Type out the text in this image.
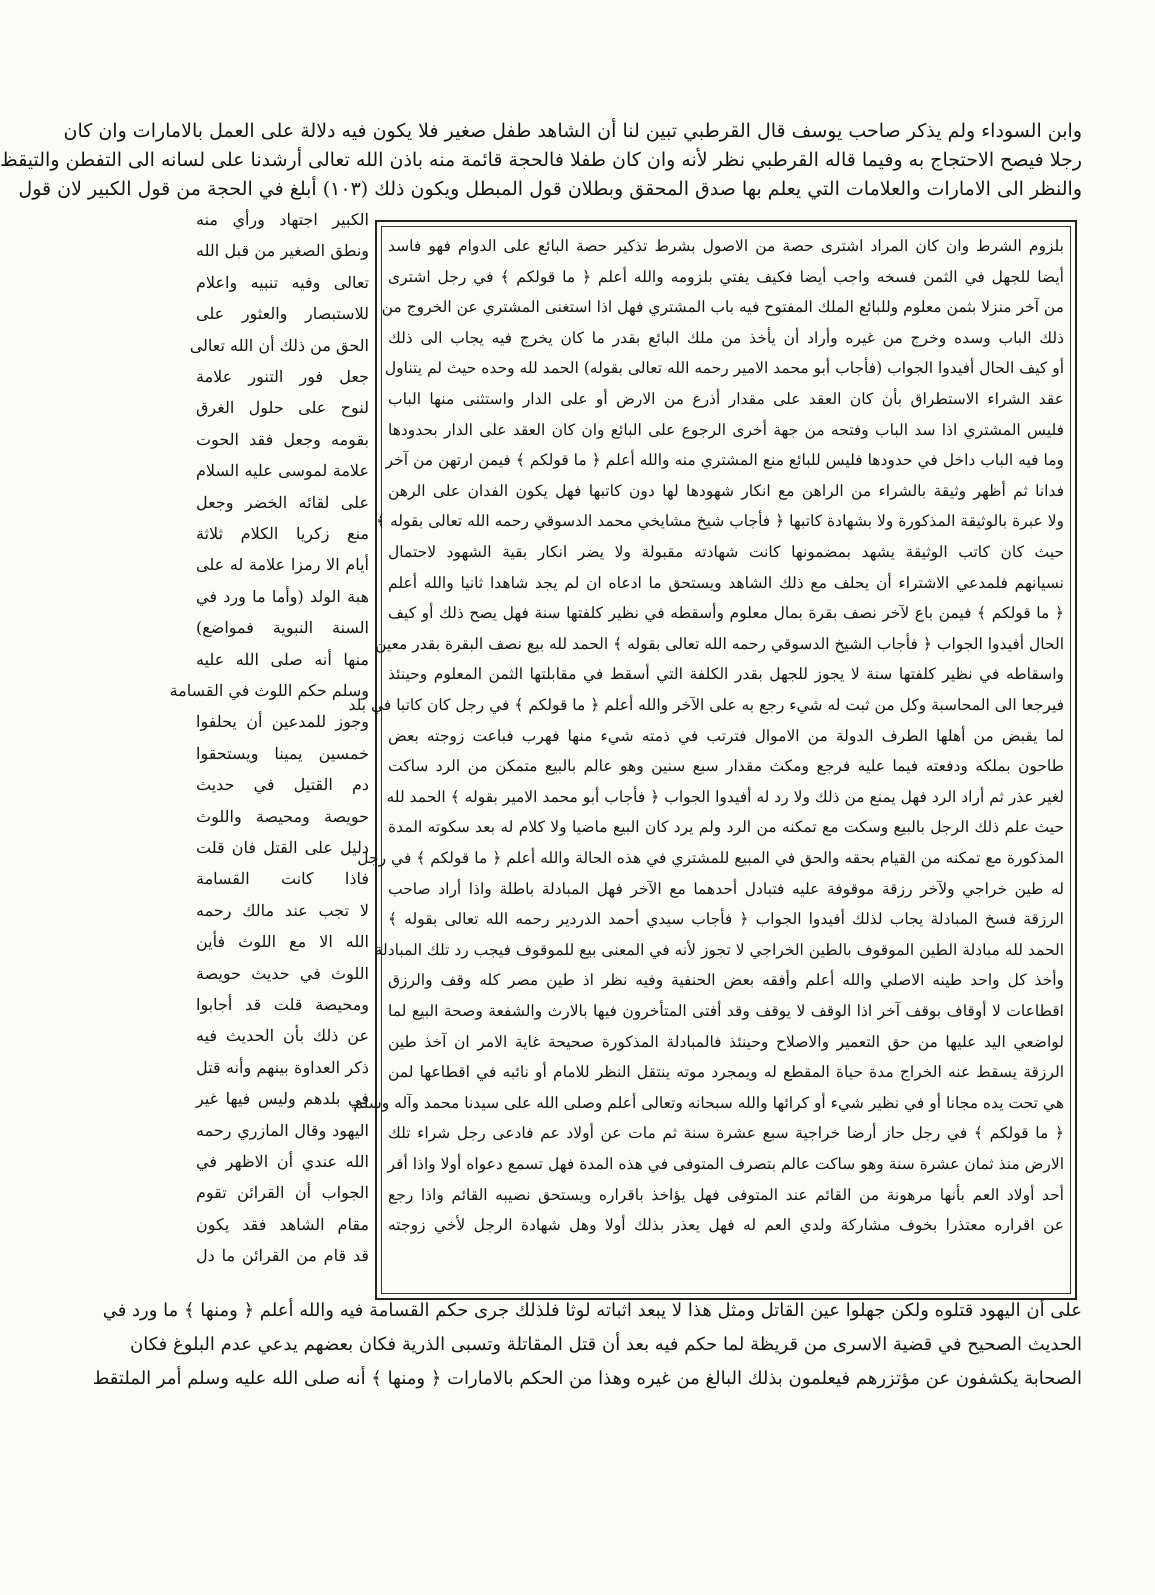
وابن السوداء ولم يذكر صاحب يوسف قال القرطبي تبين لنا أن الشاهد طفل صغير فلا يكون فيه دلالة على العمل بالامارات وان كان
رجلا فيصح الاحتجاج به وفيما قاله القرطبي نظر لأنه وان كان طفلا فالحجة قائمة منه باذن الله تعالى أرشدنا على لسانه الى التفطن والتيقظ
والنظر الى الامارات والعلامات التي يعلم بها صدق المحقق وبطلان قول المبطل ويكون ذلك (۱۰۳) أبلغ في الحجة من قول الكبير لان قول
بلزوم الشرط وان كان المراد اشترى حصة من الاصول بشرط تذكير حصة البائع على الدوام فهو فاسد
أيضا للجهل في الثمن فسخه واجب أيضا فكيف يفتي بلزومه والله أعلم ﴿ ما قولكم ﴾ في رجل اشترى
من آخر منزلا بثمن معلوم وللبائع الملك المفتوح فيه باب المشتري فهل اذا استغنى المشتري عن الخروج من
ذلك الباب وسده وخرج من غيره وأراد أن يأخذ من ملك البائع بقدر ما كان يخرج فيه يجاب الى ذلك
أو كيف الحال أفيدوا الجواب (فأجاب أبو محمد الامير رحمه الله تعالى بقوله) الحمد لله وحده حيث لم يتناول
عقد الشراء الاستطراق بأن كان العقد على مقدار أذرع من الارض أو على الدار واستثنى منها الباب
فليس المشتري اذا سد الباب وفتحه من جهة أخرى الرجوع على البائع وان كان العقد على الدار بحدودها
وما فيه الباب داخل في حدودها فليس للبائع منع المشتري منه والله أعلم ﴿ ما قولكم ﴾ فيمن ارتهن من آخر
فدانا ثم أظهر وثيقة بالشراء من الراهن مع انكار شهودها لها دون كاتبها فهل يكون الفدان على الرهن
ولا عبرة بالوثيقة المذكورة ولا بشهادة كاتبها ﴿ فأجاب شيخ مشايخي محمد الدسوقي رحمه الله تعالى بقوله ﴾
حيث كان كاتب الوثيقة يشهد بمضمونها كانت شهادته مقبولة ولا يضر انكار بقية الشهود لاحتمال
نسيانهم فلمدعي الاشتراء أن يحلف مع ذلك الشاهد ويستحق ما ادعاه ان لم يجد شاهدا ثانيا والله أعلم
﴿ ما قولكم ﴾ فيمن باع لآخر نصف بقرة بمال معلوم وأسقطه في نظير كلفتها سنة فهل يصح ذلك أو كيف
الحال أفيدوا الجواب ﴿ فأجاب الشيخ الدسوقي رحمه الله تعالى بقوله ﴾ الحمد لله بيع نصف البقرة بقدر معين
واسقاطه في نظير كلفتها سنة لا يجوز للجهل بقدر الكلفة التي أسقط في مقابلتها الثمن المعلوم وحينئذ
فيرجعا الى المحاسبة وكل من ثبت له شيء رجع به على الآخر والله أعلم ﴿ ما قولكم ﴾ في رجل كان كاتبا في بلد
لما يقبض من أهلها الطرف الدولة من الاموال فترتب في ذمته شيء منها فهرب فباعت زوجته بعض
طاحون بملكه ودفعته فيما عليه فرجع ومكث مقدار سبع سنين وهو عالم بالبيع متمكن من الرد ساكت
لغير عذر ثم أراد الرد فهل يمنع من ذلك ولا رد له أفيدوا الجواب ﴿ فأجاب أبو محمد الامير بقوله ﴾ الحمد لله
حيث علم ذلك الرجل بالبيع وسكت مع تمكنه من الرد ولم يرد كان البيع ماضيا ولا كلام له بعد سكوته المدة
المذكورة مع تمكنه من القيام بحقه والحق في المبيع للمشتري في هذه الحالة والله أعلم ﴿ ما قولكم ﴾ في رجل
له طين خراجي ولآخر رزقة موقوفة عليه فتبادل أحدهما مع الآخر فهل المبادلة باطلة واذا أراد صاحب
الرزقة فسخ المبادلة يجاب لذلك أفيدوا الجواب ﴿ فأجاب سيدي أحمد الدردير رحمه الله تعالى بقوله ﴾
الحمد لله مبادلة الطين الموقوف بالطين الخراجي لا تجوز لأنه في المعنى بيع للموقوف فيجب رد تلك المبادلة
وأخذ كل واحد طينه الاصلي والله أعلم وأفقه بعض الحنفية وفيه نظر اذ طين مصر كله وقف والرزق
اقطاعات لا أوقاف بوقف آخر اذا الوقف لا يوقف وقد أفتى المتأخرون فيها بالارث والشفعة وصحة البيع لما
لواضعي اليد عليها من حق التعمير والاصلاح وحينئذ فالمبادلة المذكورة صحيحة غاية الامر ان آخذ طين
الرزقة يسقط عنه الخراج مدة حياة المقطع له ويمجرد موته ينتقل النظر للامام أو نائبه في اقطاعها لمن
هي تحت يده مجانا أو في نظير شيء أو كرائها والله سبحانه وتعالى أعلم وصلى الله على سيدنا محمد وآله وسلم
﴿ ما قولكم ﴾ في رجل حاز أرضا خراجية سبع عشرة سنة ثم مات عن أولاد عم فادعى رجل شراء تلك
الارض منذ ثمان عشرة سنة وهو ساكت عالم بتصرف المتوفى في هذه المدة فهل تسمع دعواه أولا واذا أقر
أحد أولاد العم بأنها مرهونة من القائم عند المتوفى فهل يؤاخذ باقراره ويستحق نصيبه القائم واذا رجع
عن اقراره معتذرا بخوف مشاركة ولدي العم له فهل يعذر بذلك أولا وهل شهادة الرجل لأخي زوجته
الكبير اجتهاد ورأي منه
ونطق الصغير من قبل الله
تعالى وفيه تنبيه واعلام
للاستبصار والعثور على
الحق من ذلك أن الله تعالى
جعل فور التنور علامة
لنوح على حلول الغرق
بقومه وجعل فقد الحوت
علامة لموسى عليه السلام
على لقائه الخضر وجعل
منع زكريا الكلام ثلاثة
أيام الا رمزا علامة له على
هبة الولد (وأما ما ورد في
السنة النبوية فمواضع)
منها أنه صلى الله عليه
وسلم حكم اللوث في القسامة
وجوز للمدعين أن يحلفوا
خمسين يمينا ويستحقوا
دم القتيل في حديث
حويصة ومحيصة واللوث
دليل على القتل فان قلت
فاذا كانت القسامة
لا تجب عند مالك رحمه
الله الا مع اللوث فأين
اللوث في حديث حويصة
ومحيصة قلت قد أجابوا
عن ذلك بأن الحديث فيه
ذكر العداوة بينهم وأنه قتل
في بلدهم وليس فيها غير
اليهود وقال المازري رحمه
الله عندي أن الاظهر في
الجواب أن القرائن تقوم
مقام الشاهد فقد يكون
قد قام من القرائن ما دل
على أن اليهود قتلوه ولكن جهلوا عين القاتل ومثل هذا لا يبعد اثباته لوثا فلذلك جرى حكم القسامة فيه والله أعلم ﴿ ومنها ﴾ ما ورد في
الحديث الصحيح في قضية الاسرى من قريظة لما حكم فيه بعد أن قتل المقاتلة وتسبى الذرية فكان بعضهم يدعي عدم البلوغ فكان
الصحابة يكشفون عن مؤتزرهم فيعلمون بذلك البالغ من غيره وهذا من الحكم بالامارات ﴿ ومنها ﴾ أنه صلى الله عليه وسلم أمر الملتقط
